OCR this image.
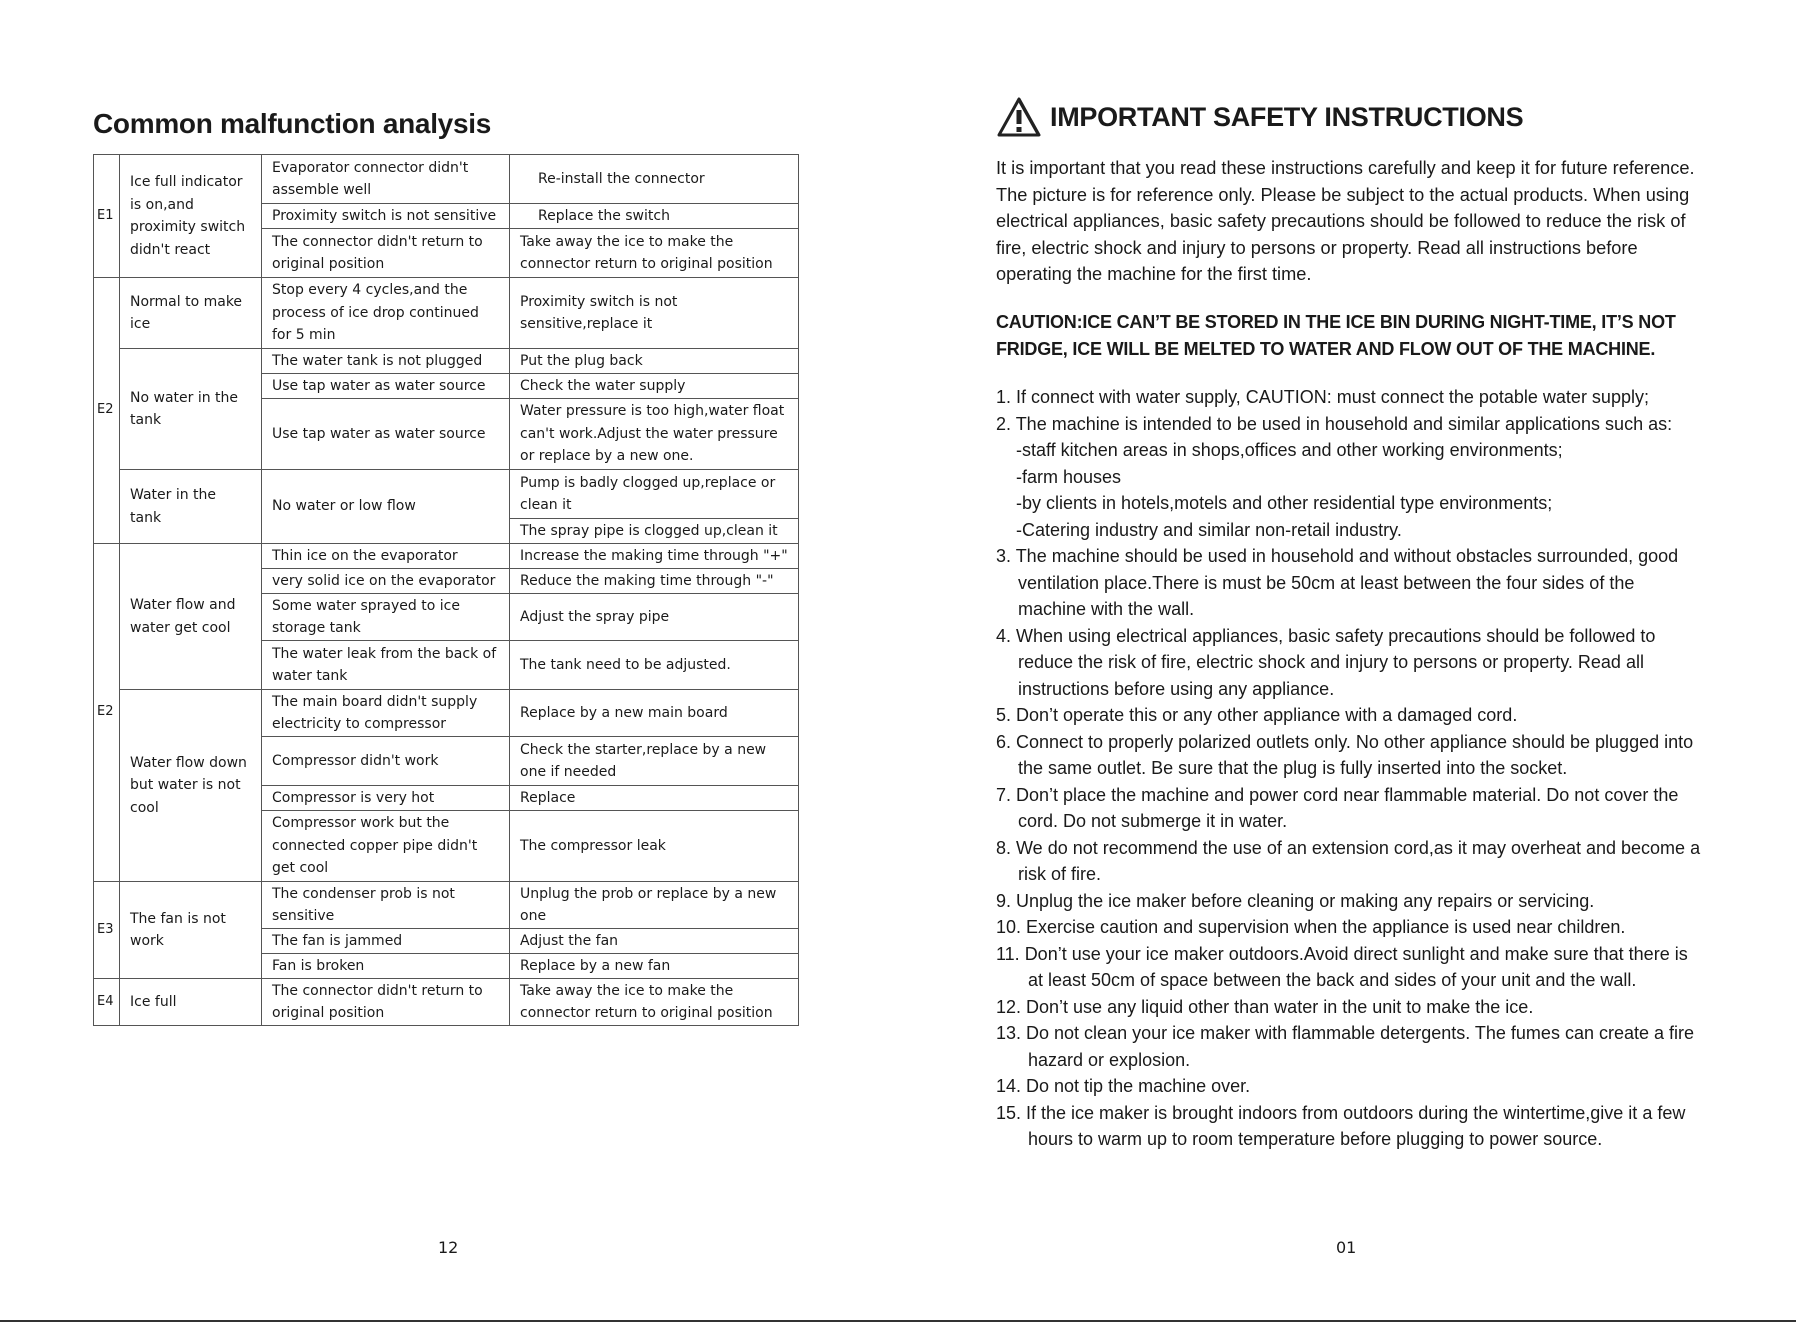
Common malfunction analysis
E1	Ice full indicator is on,and proximity switch didn't react	Evaporator connector didn't assemble well	Re-install the connector
		Proximity switch is not sensitive	Replace the switch
		The connector didn't return to original position	Take away the ice to make the connector return to original position
E2	Normal to make ice	Stop every 4 cycles,and the process of ice drop continued for 5 min	Proximity switch is not sensitive,replace it
	No water in the tank	The water tank is not plugged	Put the plug back
		Use tap water as water source	Check the water supply
		Use tap water as water source	Water pressure is too high,water float can't work.Adjust the water pressure or replace by a new one.
	Water in the tank	No water or low flow	Pump is badly clogged up,replace or clean it
			The spray pipe is clogged up,clean it
E2	Water flow and water get cool	Thin ice on the evaporator	Increase the making time through "+"
		very solid ice on the evaporator	Reduce the making time through "-"
		Some water sprayed to ice storage tank	Adjust the spray pipe
		The water leak from the back of water tank	The tank need to be adjusted.
	Water flow down but water is not cool	The main board didn't supply electricity to compressor	Replace by a new main board
		Compressor didn't work	Check the starter,replace by a new one if needed
		Compressor is very hot	Replace
		Compressor work but the connected copper pipe didn't get cool	The compressor leak
E3	The fan is not work	The condenser prob is not sensitive	Unplug the prob or replace by a new one
		The fan is jammed	Adjust the fan
		Fan is broken	Replace by a new fan
E4	Ice full	The connector didn't return to original position	Take away the ice to make the connector return to original position
12
IMPORTANT SAFETY INSTRUCTIONS

It is important that you read these instructions carefully and keep it for future reference. The picture is for reference only. Please be subject to the actual products. When using electrical appliances, basic safety precautions should be followed to reduce the risk of fire, electric shock and injury to persons or property. Read all instructions before operating the machine for the first time.

CAUTION:ICE CAN’T BE STORED IN THE ICE BIN DURING NIGHT-TIME, IT’S NOT FRIDGE, ICE WILL BE MELTED TO WATER AND FLOW OUT OF THE MACHINE.

1. If connect with water supply, CAUTION: must connect the potable water supply;
2. The machine is intended to be used in household and similar applications such as:
-staff kitchen areas in shops,offices and other working environments;
-farm houses
-by clients in hotels,motels and other residential type environments;
-Catering industry and similar non-retail industry.
3. The machine should be used in household and without obstacles surrounded, good ventilation place.There is must be 50cm at least between the four sides of the machine with the wall.
4. When using electrical appliances, basic safety precautions should be followed to reduce the risk of fire, electric shock and injury to persons or property. Read all instructions before using any appliance.
5. Don’t operate this or any other appliance with a damaged cord.
6. Connect to properly polarized outlets only. No other appliance should be plugged into the same outlet. Be sure that the plug is fully inserted into the socket.
7. Don’t place the machine and power cord near flammable material. Do not cover the cord. Do not submerge it in water.
8. We do not recommend the use of an extension cord,as it may overheat and become a risk of fire.
9. Unplug the ice maker before cleaning or making any repairs or servicing.
10. Exercise caution and supervision when the appliance is used near children.
11. Don’t use your ice maker outdoors.Avoid direct sunlight and make sure that there is at least 50cm of space between the back and sides of your unit and the wall.
12. Don’t use any liquid other than water in the unit to make the ice.
13. Do not clean your ice maker with flammable detergents. The fumes can create a fire hazard or explosion.
14. Do not tip the machine over.
15. If the ice maker is brought indoors from outdoors during the wintertime,give it a few hours to warm up to room temperature before plugging to power source.
01
